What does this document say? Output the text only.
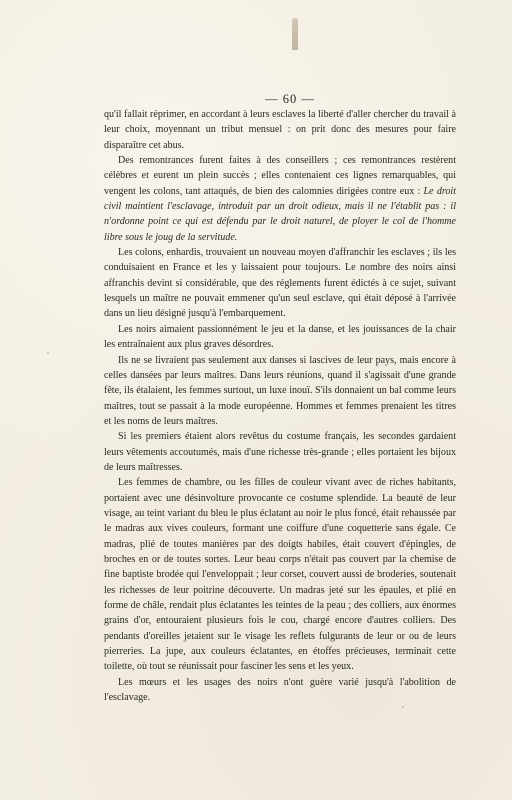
— 60 —

qu'il fallait réprimer, en accordant à leurs esclaves la liberté d'aller chercher du travail à leur choix, moyennant un tribut mensuel : on prit donc des mesures pour faire disparaître cet abus.

Des remontrances furent faites à des conseillers ; ces remontrances restèrent célèbres et eurent un plein succès ; elles contenaient ces lignes remarquables, qui vengent les colons, tant attaqués, de bien des calomnies dirigées contre eux : Le droit civil maintient l'esclavage, introduit par un droit odieux, mais il ne l'établit pas : il n'ordonne point ce qui est défendu par le droit naturel, de ployer le col de l'homme libre sous le joug de la servitude.

Les colons, enhardis, trouvaient un nouveau moyen d'affranchir les esclaves ; ils les conduisaient en France et les y laissaient pour toujours. Le nombre des noirs ainsi affranchis devint si considérable, que des réglements furent édictés à ce sujet, suivant lesquels un maître ne pouvait emmener qu'un seul esclave, qui était déposé à l'arrivée dans un lieu désigné jusqu'à l'embarquement.

Les noirs aimaient passionnément le jeu et la danse, et les jouissances de la chair les entraînaient aux plus graves désordres.

Ils ne se livraient pas seulement aux danses si lascives de leur pays, mais encore à celles dansées par leurs maîtres. Dans leurs réunions, quand il s'agissait d'une grande fête, ils étalaient, les femmes surtout, un luxe inouï. S'ils donnaient un bal comme leurs maîtres, tout se passait à la mode européenne. Hommes et femmes prenaient les titres et les noms de leurs maîtres.

Si les premiers étaient alors revêtus du costume français, les secondes gardaient leurs vêtements accoutumés, mais d'une richesse très-grande ; elles portaient les bijoux de leurs maîtresses.

Les femmes de chambre, ou les filles de couleur vivant avec de riches habitants, portaient avec une désinvolture provocante ce costume splendide. La beauté de leur visage, au teint variant du bleu le plus éclatant au noir le plus foncé, était rehaussée par le madras aux vives couleurs, formant une coiffure d'une coquetterie sans égale. Ce madras, plié de toutes manières par des doigts habiles, était couvert d'épingles, de broches en or de toutes sortes. Leur beau corps n'était pas couvert par la chemise de fine baptiste brodée qui l'enveloppait ; leur corset, couvert aussi de broderies, soutenait les richesses de leur poitrine découverte. Un madras jeté sur les épaules, et plié en forme de châle, rendait plus éclatantes les teintes de la peau ; des colliers, aux énormes grains d'or, entouraient plusieurs fois le cou, chargé encore d'autres colliers. Des pendants d'oreilles jetaient sur le visage les reflets fulgurants de leur or ou de leurs pierreries. La jupe, aux couleurs éclatantes, en étoffes précieuses, terminait cette toilette, où tout se réunissait pour fasciner les sens et les yeux.

Les mœurs et les usages des noirs n'ont guère varié jusqu'à l'abolition de l'esclavage.
